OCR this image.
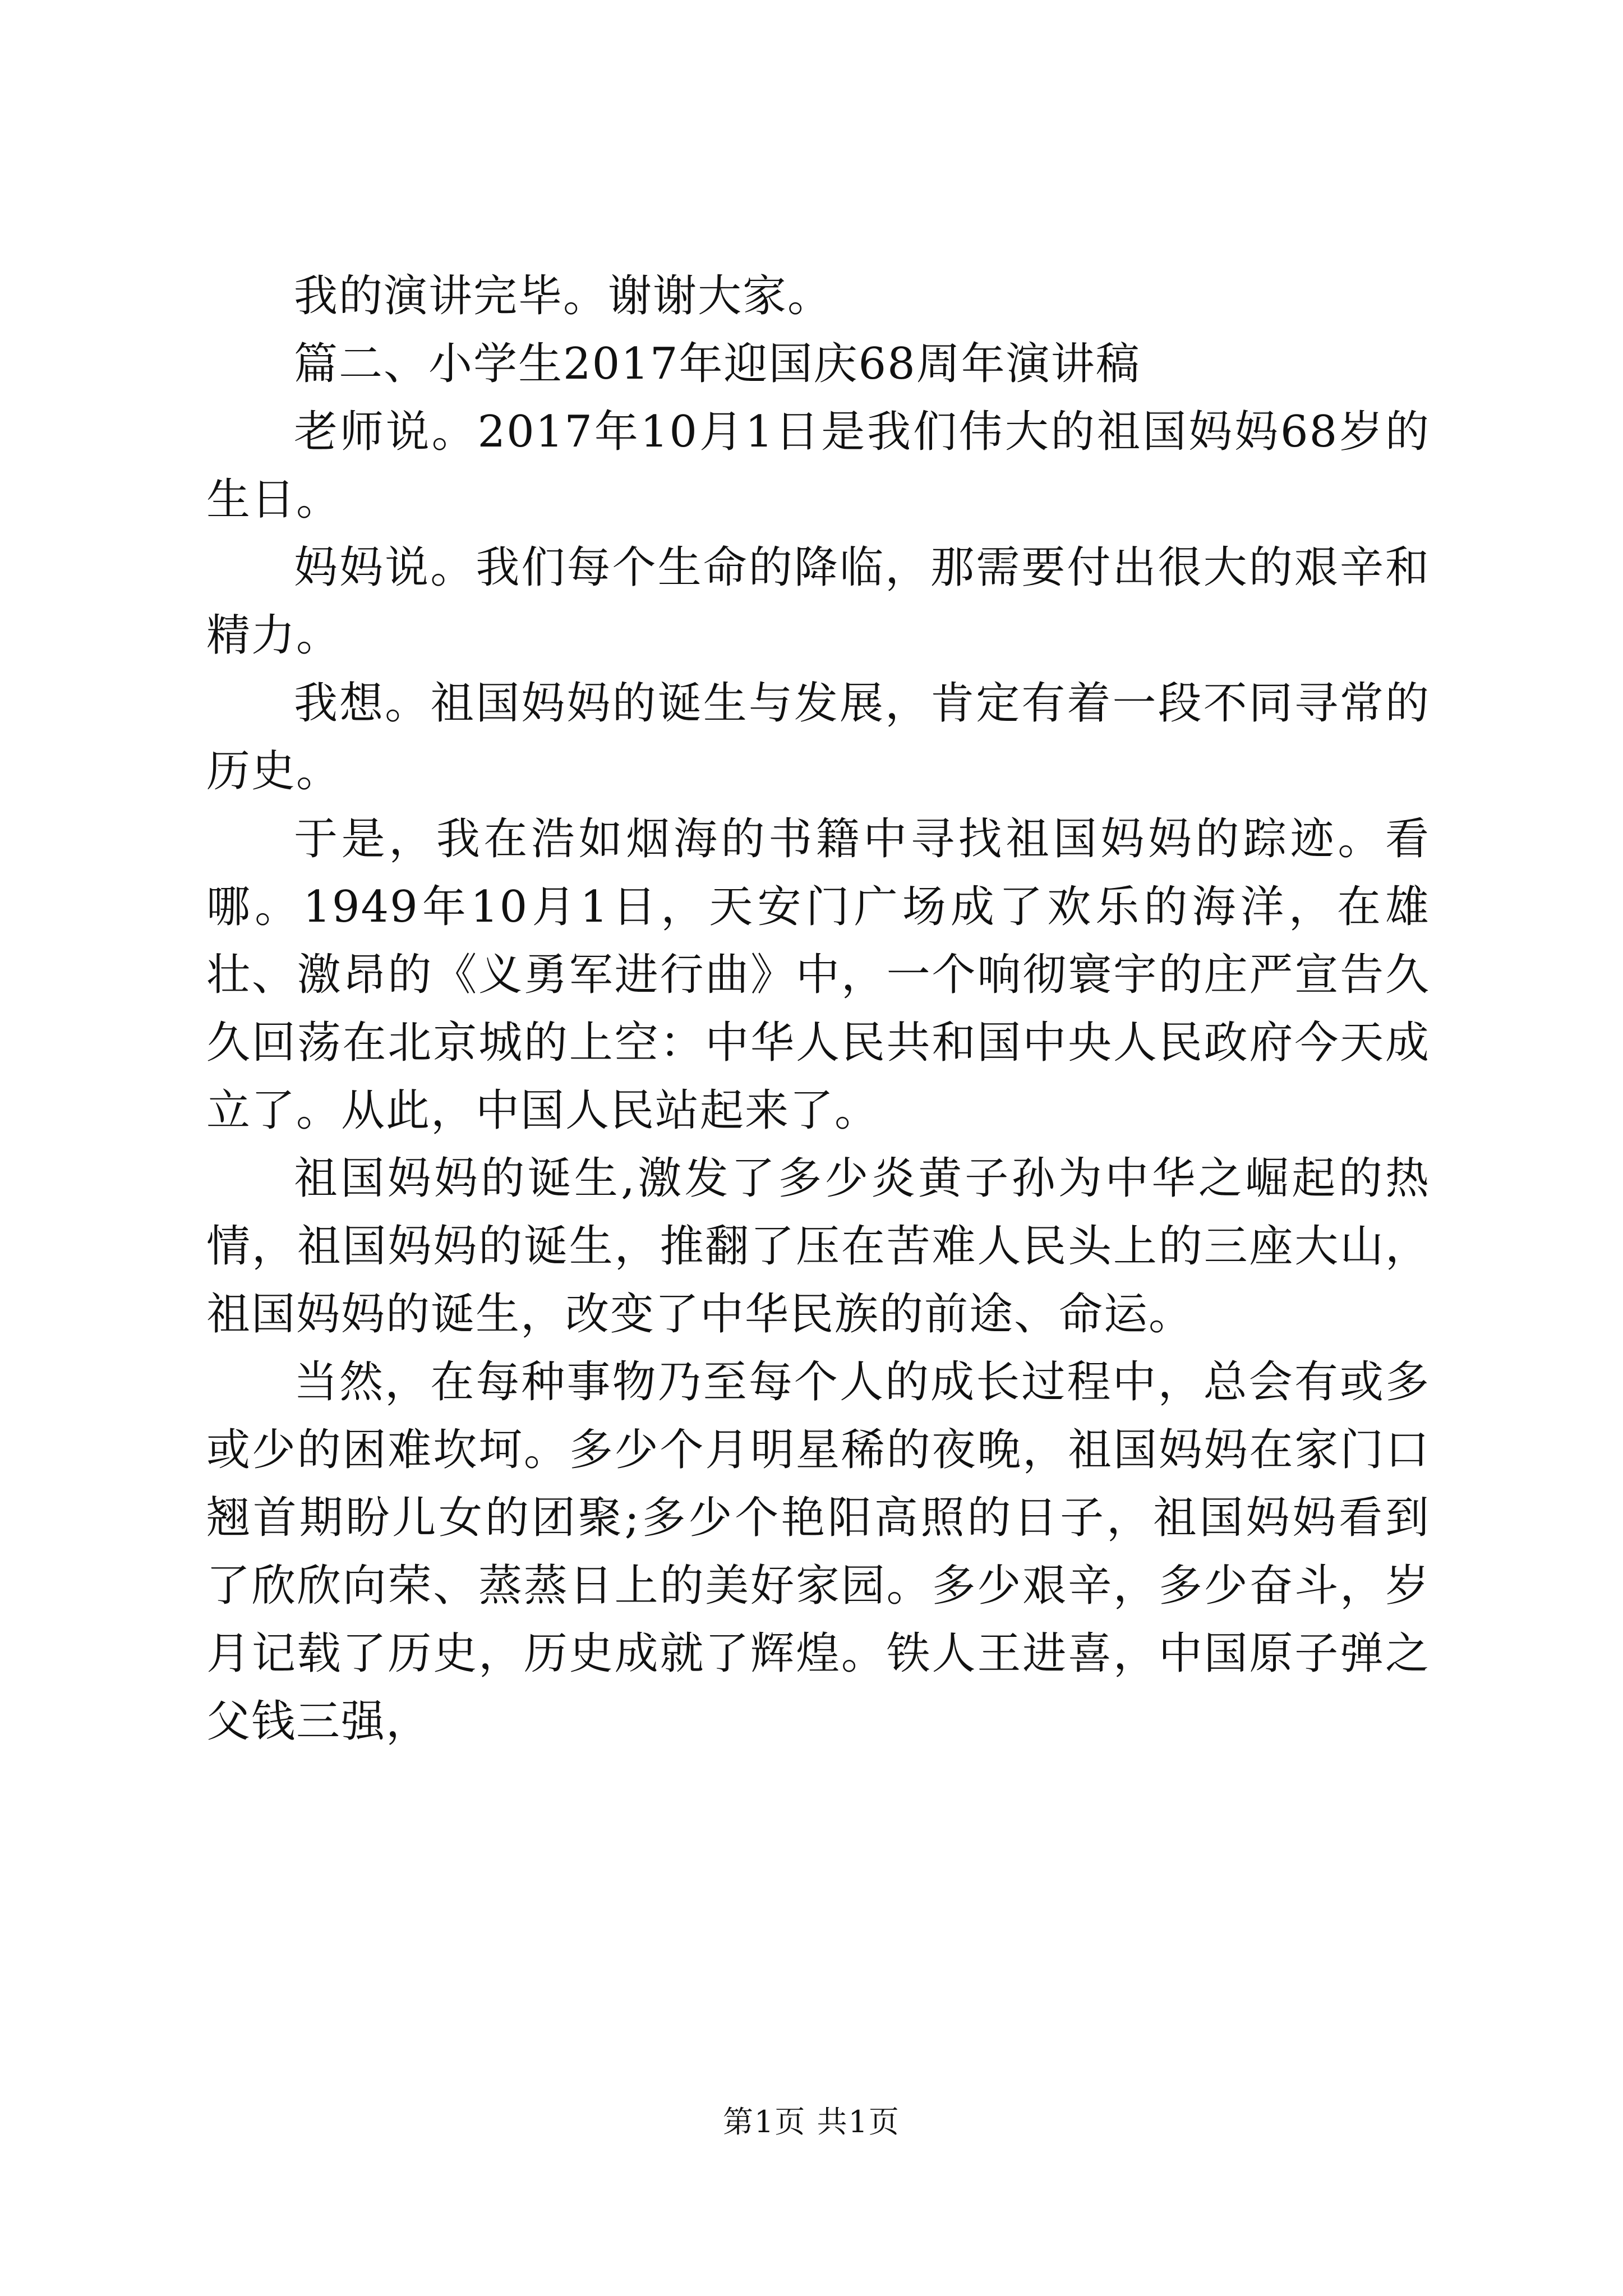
我的演讲完毕。谢谢大家。

篇二、小学生2017年迎国庆68周年演讲稿

老师说。2017年10月1日是我们伟大的祖国妈妈68岁的生日。

妈妈说。我们每个生命的降临，那需要付出很大的艰辛和精力。

我想。祖国妈妈的诞生与发展，肯定有着一段不同寻常的历史。

于是，我在浩如烟海的书籍中寻找祖国妈妈的踪迹。看哪。1949年10月1日，天安门广场成了欢乐的海洋，在雄壮、激昂的《义勇军进行曲》中，一个响彻寰宇的庄严宣告久久回荡在北京城的上空：中华人民共和国中央人民政府今天成立了。从此，中国人民站起来了。

祖国妈妈的诞生,激发了多少炎黄子孙为中华之崛起的热情，祖国妈妈的诞生，推翻了压在苦难人民头上的三座大山，祖国妈妈的诞生，改变了中华民族的前途、命运。

当然，在每种事物乃至每个人的成长过程中，总会有或多或少的困难坎坷。多少个月明星稀的夜晚，祖国妈妈在家门口翘首期盼儿女的团聚;多少个艳阳高照的日子，祖国妈妈看到了欣欣向荣、蒸蒸日上的美好家园。多少艰辛，多少奋斗，岁月记载了历史，历史成就了辉煌。铁人王进喜，中国原子弹之父钱三强，

第1页 共1页
